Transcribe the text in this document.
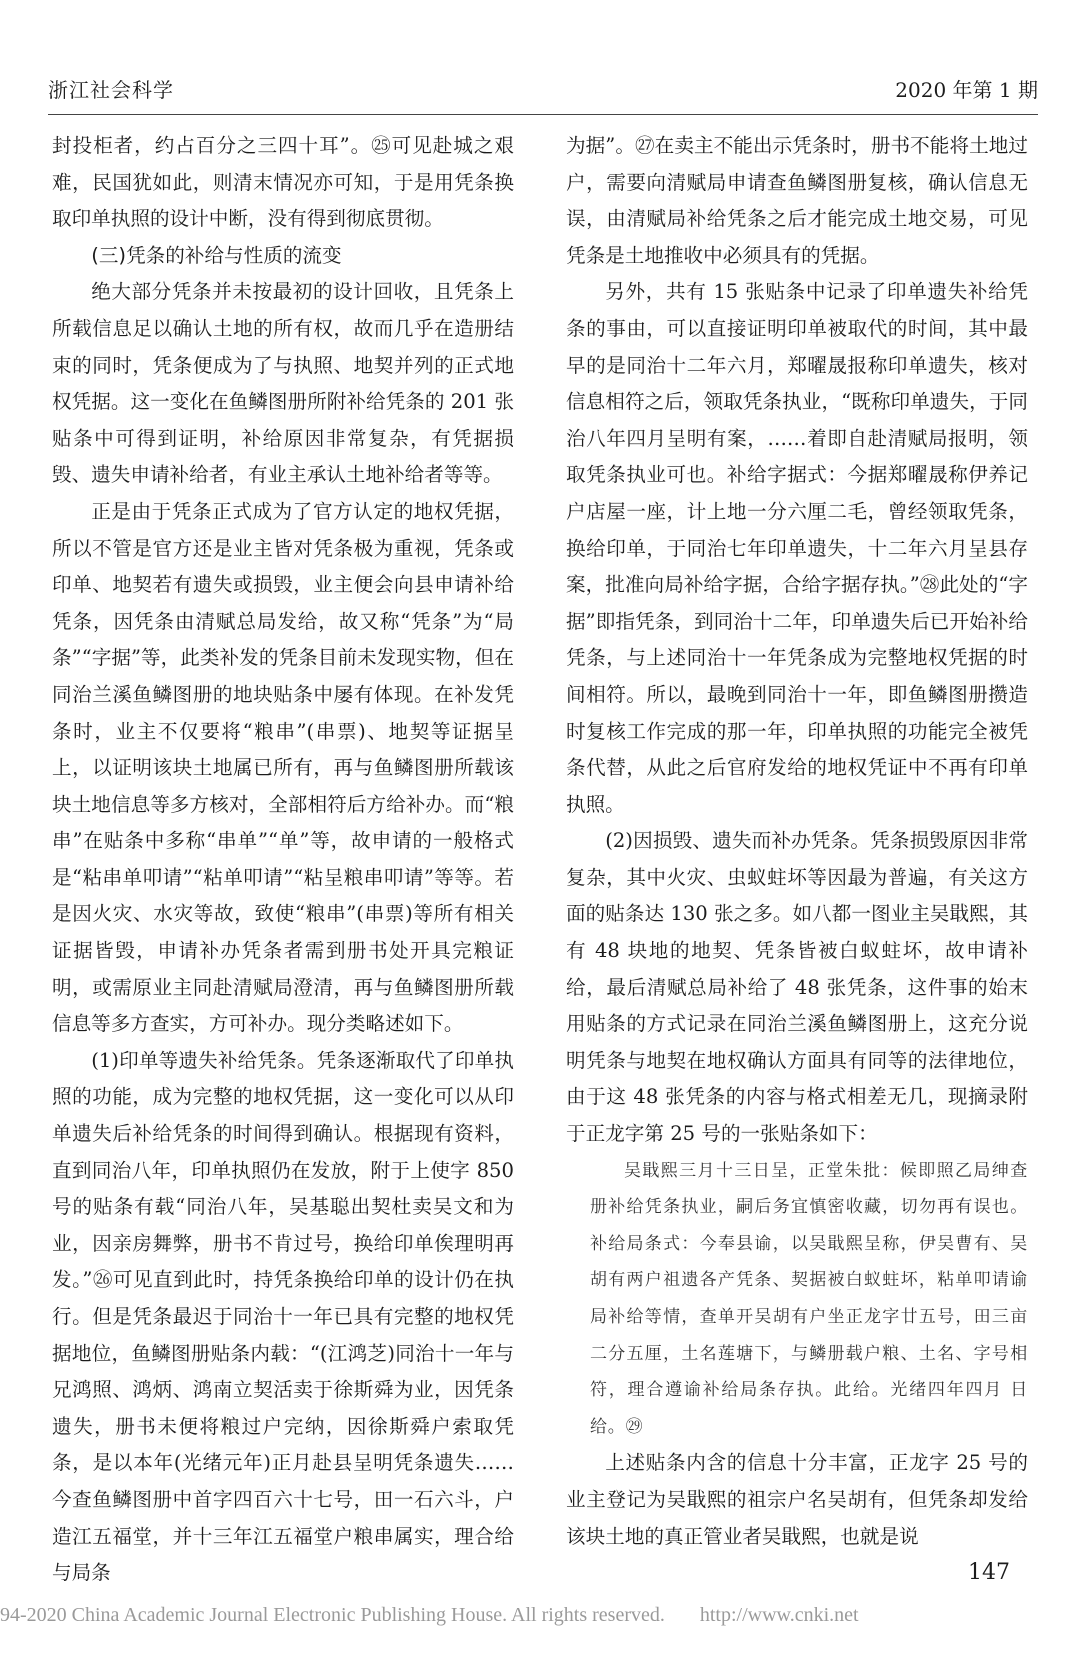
浙江社会科学	2020 年第 1 期

封投柜者，约占百分之三四十耳”。㉕可见赴城之艰难，民国犹如此，则清末情况亦可知，于是用凭条换取印单执照的设计中断，没有得到彻底贯彻。

(三)凭条的补给与性质的流变

绝大部分凭条并未按最初的设计回收，且凭条上所载信息足以确认土地的所有权，故而几乎在造册结束的同时，凭条便成为了与执照、地契并列的正式地权凭据。这一变化在鱼鳞图册所附补给凭条的 201 张贴条中可得到证明，补给原因非常复杂，有凭据损毁、遗失申请补给者，有业主承认土地补给者等等。

正是由于凭条正式成为了官方认定的地权凭据，所以不管是官方还是业主皆对凭条极为重视，凭条或印单、地契若有遗失或损毁，业主便会向县申请补给凭条，因凭条由清赋总局发给，故又称“凭条”为“局条”“字据”等，此类补发的凭条目前未发现实物，但在同治兰溪鱼鳞图册的地块贴条中屡有体现。在补发凭条时，业主不仅要将“粮串”(串票)、地契等证据呈上，以证明该块土地属已所有，再与鱼鳞图册所载该块土地信息等多方核对，全部相符后方给补办。而“粮串”在贴条中多称“串单”“单”等，故申请的一般格式是“粘串单叩请”“粘单叩请”“粘呈粮串叩请”等等。若是因火灾、水灾等故，致使“粮串”(串票)等所有相关证据皆毁，申请补办凭条者需到册书处开具完粮证明，或需原业主同赴清赋局澄清，再与鱼鳞图册所载信息等多方查实，方可补办。现分类略述如下。

(1)印单等遗失补给凭条。凭条逐渐取代了印单执照的功能，成为完整的地权凭据，这一变化可以从印单遗失后补给凭条的时间得到确认。根据现有资料，直到同治八年，印单执照仍在发放，附于上使字 850 号的贴条有载“同治八年，吴基聪出契杜卖吴文和为业，因亲房舞弊，册书不肯过号，换给印单俟理明再发。”㉖可见直到此时，持凭条换给印单的设计仍在执行。但是凭条最迟于同治十一年已具有完整的地权凭据地位，鱼鳞图册贴条内载：“(江鸿芝)同治十一年与兄鸿照、鸿炳、鸿南立契活卖于徐斯舜为业，因凭条遗失，册书未便将粮过户完纳，因徐斯舜户索取凭条，是以本年(光绪元年)正月赴县呈明凭条遗失……今查鱼鳞图册中首字四百六十七号，田一石六斗，户造江五福堂，并十三年江五福堂户粮串属实，理合给与局条

为据”。㉗在卖主不能出示凭条时，册书不能将土地过户，需要向清赋局申请查鱼鳞图册复核，确认信息无误，由清赋局补给凭条之后才能完成土地交易，可见凭条是土地推收中必须具有的凭据。

另外，共有 15 张贴条中记录了印单遗失补给凭条的事由，可以直接证明印单被取代的时间，其中最早的是同治十二年六月，郑曜晟报称印单遗失，核对信息相符之后，领取凭条执业，“既称印单遗失，于同治八年四月呈明有案，……着即自赴清赋局报明，领取凭条执业可也。补给字据式：今据郑曜晟称伊养记户店屋一座，计上地一分六厘二毛，曾经领取凭条，换给印单，于同治七年印单遗失，十二年六月呈县存案，批准向局补给字据，合给字据存执。”㉘此处的“字据”即指凭条，到同治十二年，印单遗失后已开始补给凭条，与上述同治十一年凭条成为完整地权凭据的时间相符。所以，最晚到同治十一年，即鱼鳞图册攒造时复核工作完成的那一年，印单执照的功能完全被凭条代替，从此之后官府发给的地权凭证中不再有印单执照。

(2)因损毁、遗失而补办凭条。凭条损毁原因非常复杂，其中火灾、虫蚁蛀坏等因最为普遍，有关这方面的贴条达 130 张之多。如八都一图业主吴戢熙，其有 48 块地的地契、凭条皆被白蚁蛀坏，故申请补给，最后清赋总局补给了 48 张凭条，这件事的始末用贴条的方式记录在同治兰溪鱼鳞图册上，这充分说明凭条与地契在地权确认方面具有同等的法律地位，由于这 48 张凭条的内容与格式相差无几，现摘录附于正龙字第 25 号的一张贴条如下：

吴戢熙三月十三日呈，正堂朱批：候即照乙局绅查册补给凭条执业，嗣后务宜慎密收藏，切勿再有误也。补给局条式：今奉县谕，以吴戢熙呈称，伊吴曹有、吴胡有两户祖遗各产凭条、契据被白蚁蛀坏，粘单叩请谕局补给等情，查单开吴胡有户坐正龙字廿五号，田三亩二分五厘，土名莲塘下，与鳞册载户粮、土名、字号相符，理合遵谕补给局条存执。此给。光绪四年四月 日给。㉙

上述贴条内含的信息十分丰富，正龙字 25 号的业主登记为吴戢熙的祖宗户名吴胡有，但凭条却发给该块土地的真正管业者吴戢熙，也就是说

147
94-2020 China Academic Journal Electronic Publishing House. All rights reserved. http://www.cnki.net
